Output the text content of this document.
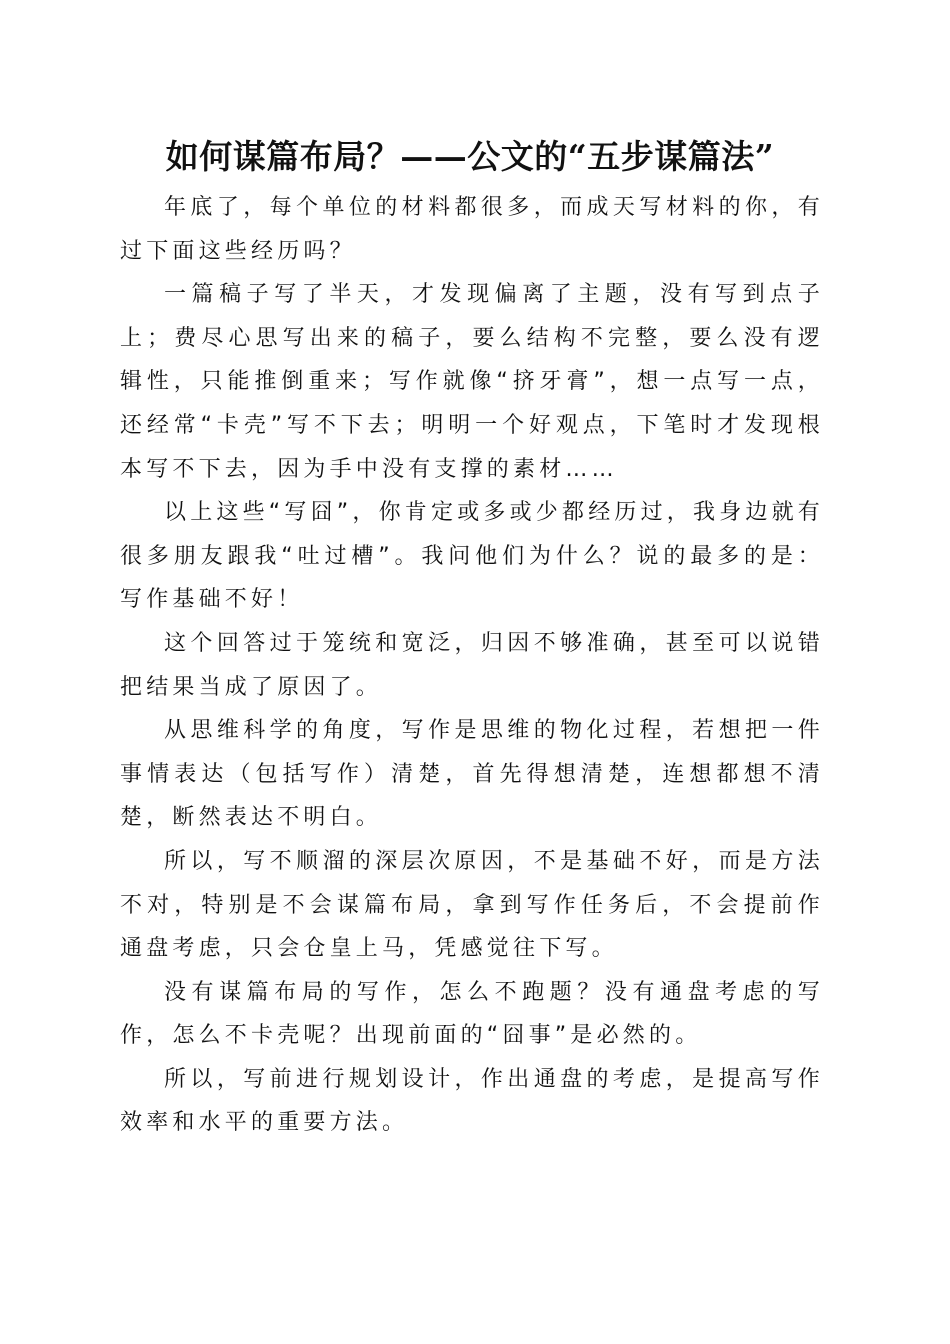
如何谋篇布局？——公文的“五步谋篇法”

年底了，每个单位的材料都很多，而成天写材料的你，有过下面这些经历吗？

一篇稿子写了半天，才发现偏离了主题，没有写到点子上；费尽心思写出来的稿子，要么结构不完整，要么没有逻辑性，只能推倒重来；写作就像“挤牙膏”，想一点写一点，还经常“卡壳”写不下去；明明一个好观点，下笔时才发现根本写不下去，因为手中没有支撑的素材……

以上这些“写囧”，你肯定或多或少都经历过，我身边就有很多朋友跟我“吐过槽”。我问他们为什么？说的最多的是：写作基础不好！

这个回答过于笼统和宽泛，归因不够准确，甚至可以说错把结果当成了原因了。

从思维科学的角度，写作是思维的物化过程，若想把一件事情表达（包括写作）清楚，首先得想清楚，连想都想不清楚，断然表达不明白。

所以，写不顺溜的深层次原因，不是基础不好，而是方法不对，特别是不会谋篇布局，拿到写作任务后，不会提前作通盘考虑，只会仓皇上马，凭感觉往下写。

没有谋篇布局的写作，怎么不跑题？没有通盘考虑的写作，怎么不卡壳呢？出现前面的“囧事”是必然的。

所以，写前进行规划设计，作出通盘的考虑，是提高写作效率和水平的重要方法。
